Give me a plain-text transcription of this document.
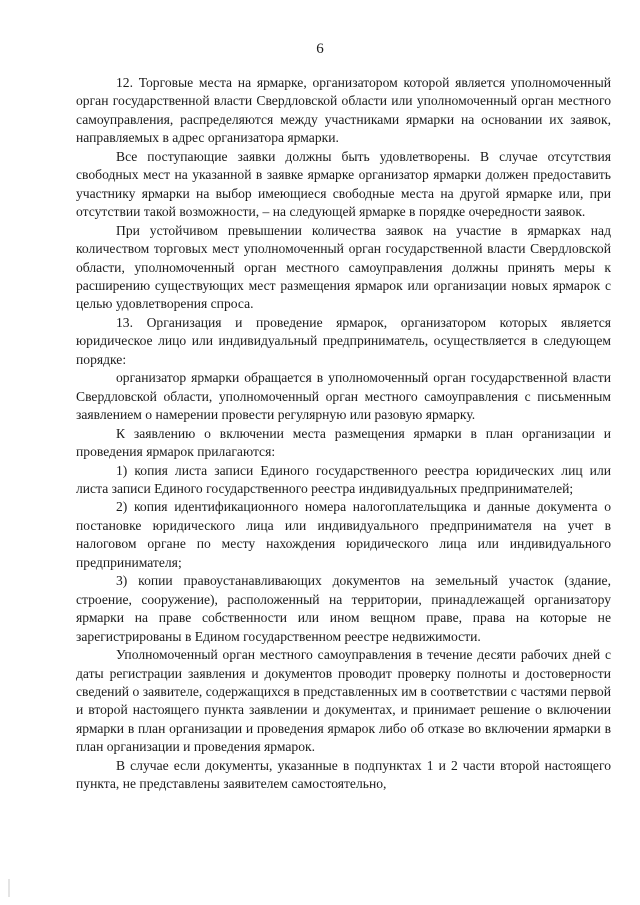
6

12. Торговые места на ярмарке, организатором которой является уполномоченный орган государственной власти Свердловской области или уполномоченный орган местного самоуправления, распределяются между участниками ярмарки на основании их заявок, направляемых в адрес организатора ярмарки.

Все поступающие заявки должны быть удовлетворены. В случае отсутствия свободных мест на указанной в заявке ярмарке организатор ярмарки должен предоставить участнику ярмарки на выбор имеющиеся свободные места на другой ярмарке или, при отсутствии такой возможности, – на следующей ярмарке в порядке очередности заявок.

При устойчивом превышении количества заявок на участие в ярмарках над количеством торговых мест уполномоченный орган государственной власти Свердловской области, уполномоченный орган местного самоуправления должны принять меры к расширению существующих мест размещения ярмарок или организации новых ярмарок с целью удовлетворения спроса.

13. Организация и проведение ярмарок, организатором которых является юридическое лицо или индивидуальный предприниматель, осуществляется в следующем порядке:

организатор ярмарки обращается в уполномоченный орган государственной власти Свердловской области, уполномоченный орган местного самоуправления с письменным заявлением о намерении провести регулярную или разовую ярмарку.

К заявлению о включении места размещения ярмарки в план организации и проведения ярмарок прилагаются:

1) копия листа записи Единого государственного реестра юридических лиц или листа записи Единого государственного реестра индивидуальных предпринимателей;

2) копия идентификационного номера налогоплательщика и данные документа о постановке юридического лица или индивидуального предпринимателя на учет в налоговом органе по месту нахождения юридического лица или индивидуального предпринимателя;

3) копии правоустанавливающих документов на земельный участок (здание, строение, сооружение), расположенный на территории, принадлежащей организатору ярмарки на праве собственности или ином вещном праве, права на которые не зарегистрированы в Едином государственном реестре недвижимости.

Уполномоченный орган местного самоуправления в течение десяти рабочих дней с даты регистрации заявления и документов проводит проверку полноты и достоверности сведений о заявителе, содержащихся в представленных им в соответствии с частями первой и второй настоящего пункта заявлении и документах, и принимает решение о включении ярмарки в план организации и проведения ярмарок либо об отказе во включении ярмарки в план организации и проведения ярмарок.

В случае если документы, указанные в подпунктах 1 и 2 части второй настоящего пункта, не представлены заявителем самостоятельно,
